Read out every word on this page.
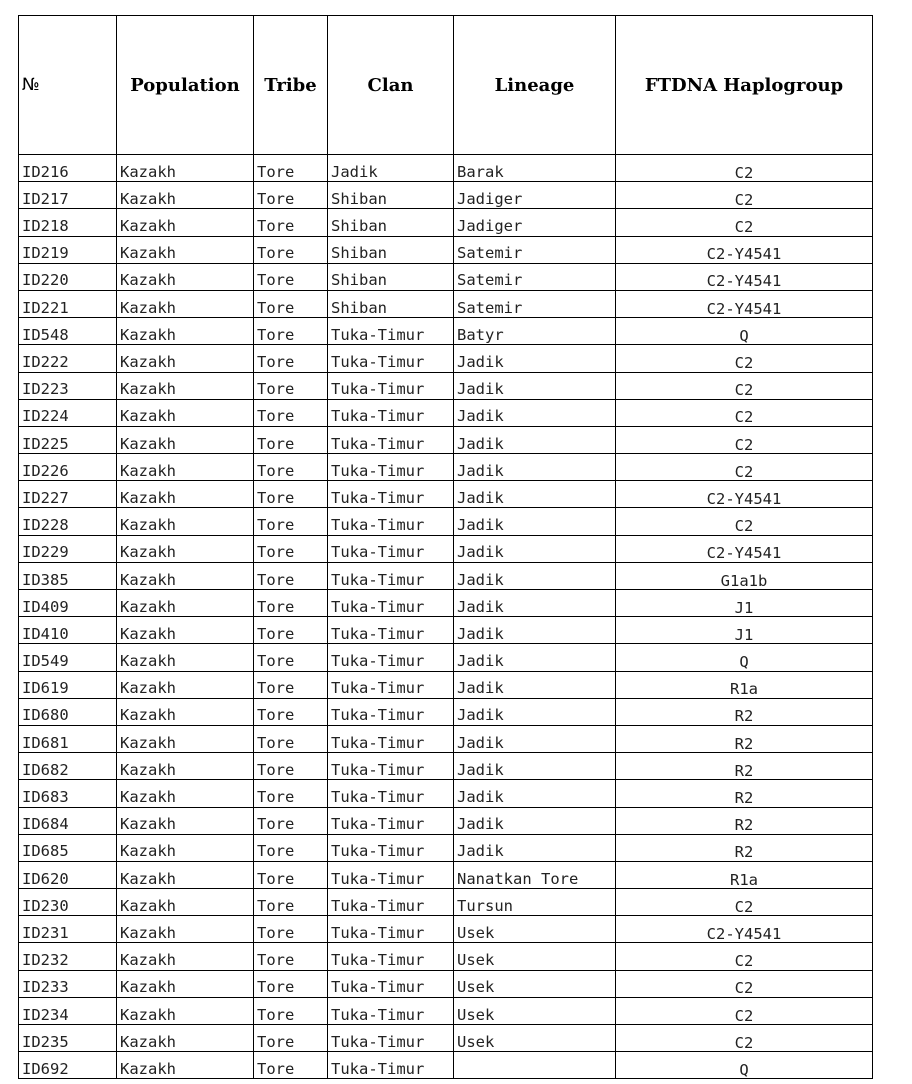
№	Population	Tribe	Clan	Lineage	FTDNA Haplogroup
ID216	Kazakh	Tore	Jadik	Barak	C2
ID217	Kazakh	Tore	Shiban	Jadiger	C2
ID218	Kazakh	Tore	Shiban	Jadiger	C2
ID219	Kazakh	Tore	Shiban	Satemir	C2-Y4541
ID220	Kazakh	Tore	Shiban	Satemir	C2-Y4541
ID221	Kazakh	Tore	Shiban	Satemir	C2-Y4541
ID548	Kazakh	Tore	Tuka-Timur	Batyr	Q
ID222	Kazakh	Tore	Tuka-Timur	Jadik	C2
ID223	Kazakh	Tore	Tuka-Timur	Jadik	C2
ID224	Kazakh	Tore	Tuka-Timur	Jadik	C2
ID225	Kazakh	Tore	Tuka-Timur	Jadik	C2
ID226	Kazakh	Tore	Tuka-Timur	Jadik	C2
ID227	Kazakh	Tore	Tuka-Timur	Jadik	C2-Y4541
ID228	Kazakh	Tore	Tuka-Timur	Jadik	C2
ID229	Kazakh	Tore	Tuka-Timur	Jadik	C2-Y4541
ID385	Kazakh	Tore	Tuka-Timur	Jadik	G1a1b
ID409	Kazakh	Tore	Tuka-Timur	Jadik	J1
ID410	Kazakh	Tore	Tuka-Timur	Jadik	J1
ID549	Kazakh	Tore	Tuka-Timur	Jadik	Q
ID619	Kazakh	Tore	Tuka-Timur	Jadik	R1a
ID680	Kazakh	Tore	Tuka-Timur	Jadik	R2
ID681	Kazakh	Tore	Tuka-Timur	Jadik	R2
ID682	Kazakh	Tore	Tuka-Timur	Jadik	R2
ID683	Kazakh	Tore	Tuka-Timur	Jadik	R2
ID684	Kazakh	Tore	Tuka-Timur	Jadik	R2
ID685	Kazakh	Tore	Tuka-Timur	Jadik	R2
ID620	Kazakh	Tore	Tuka-Timur	Nanatkan Tore	R1a
ID230	Kazakh	Tore	Tuka-Timur	Tursun	C2
ID231	Kazakh	Tore	Tuka-Timur	Usek	C2-Y4541
ID232	Kazakh	Tore	Tuka-Timur	Usek	C2
ID233	Kazakh	Tore	Tuka-Timur	Usek	C2
ID234	Kazakh	Tore	Tuka-Timur	Usek	C2
ID235	Kazakh	Tore	Tuka-Timur	Usek	C2
ID692	Kazakh	Tore	Tuka-Timur		Q
